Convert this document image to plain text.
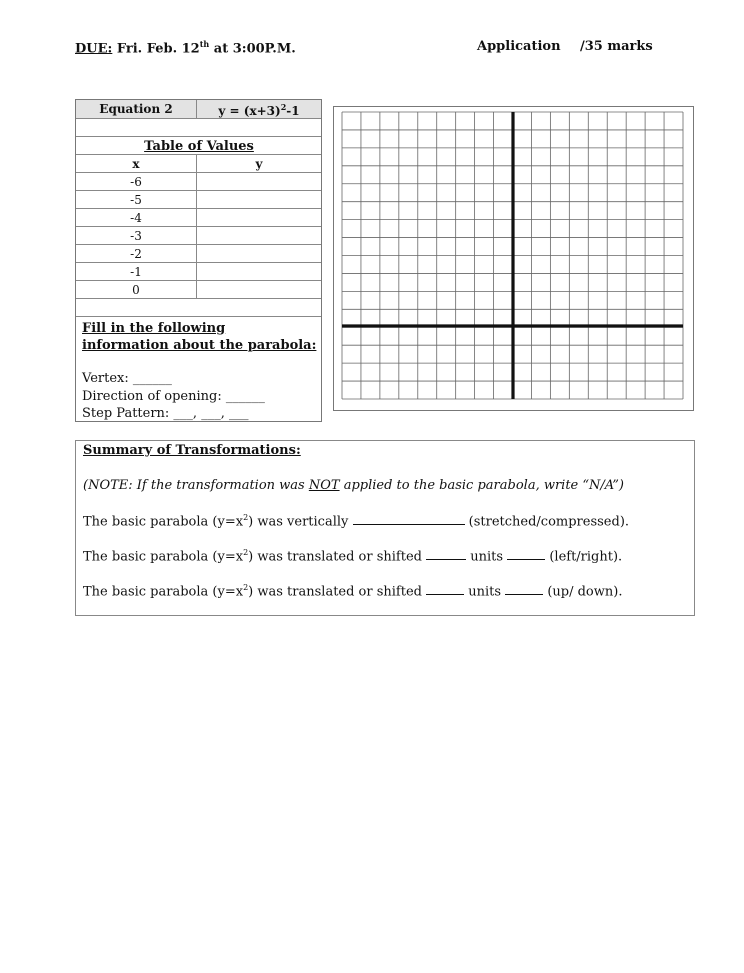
DUE: Fri. Feb. 12th at 3:00P.M.	Application /35 marks
Equation 2	$y = (x+3)^2-1$
Table of Values
x	y
-6
-5
-4
-3
-2
-1
0
Fill in the following
information about the parabola:
Vertex: ______
Direction of opening: ______
Step Pattern: ___, ___, ___
Summary of Transformations:
(NOTE: If the transformation was NOT applied to the basic parabola, write “N/A”)
The basic parabola $(y=x^2)$ was vertically	(stretched/compressed).
The basic parabola $(y=x^2)$ was translated or shifted	units	(left/right).
The basic parabola $(y=x^2)$ was translated or shifted	units	(up/ down).
